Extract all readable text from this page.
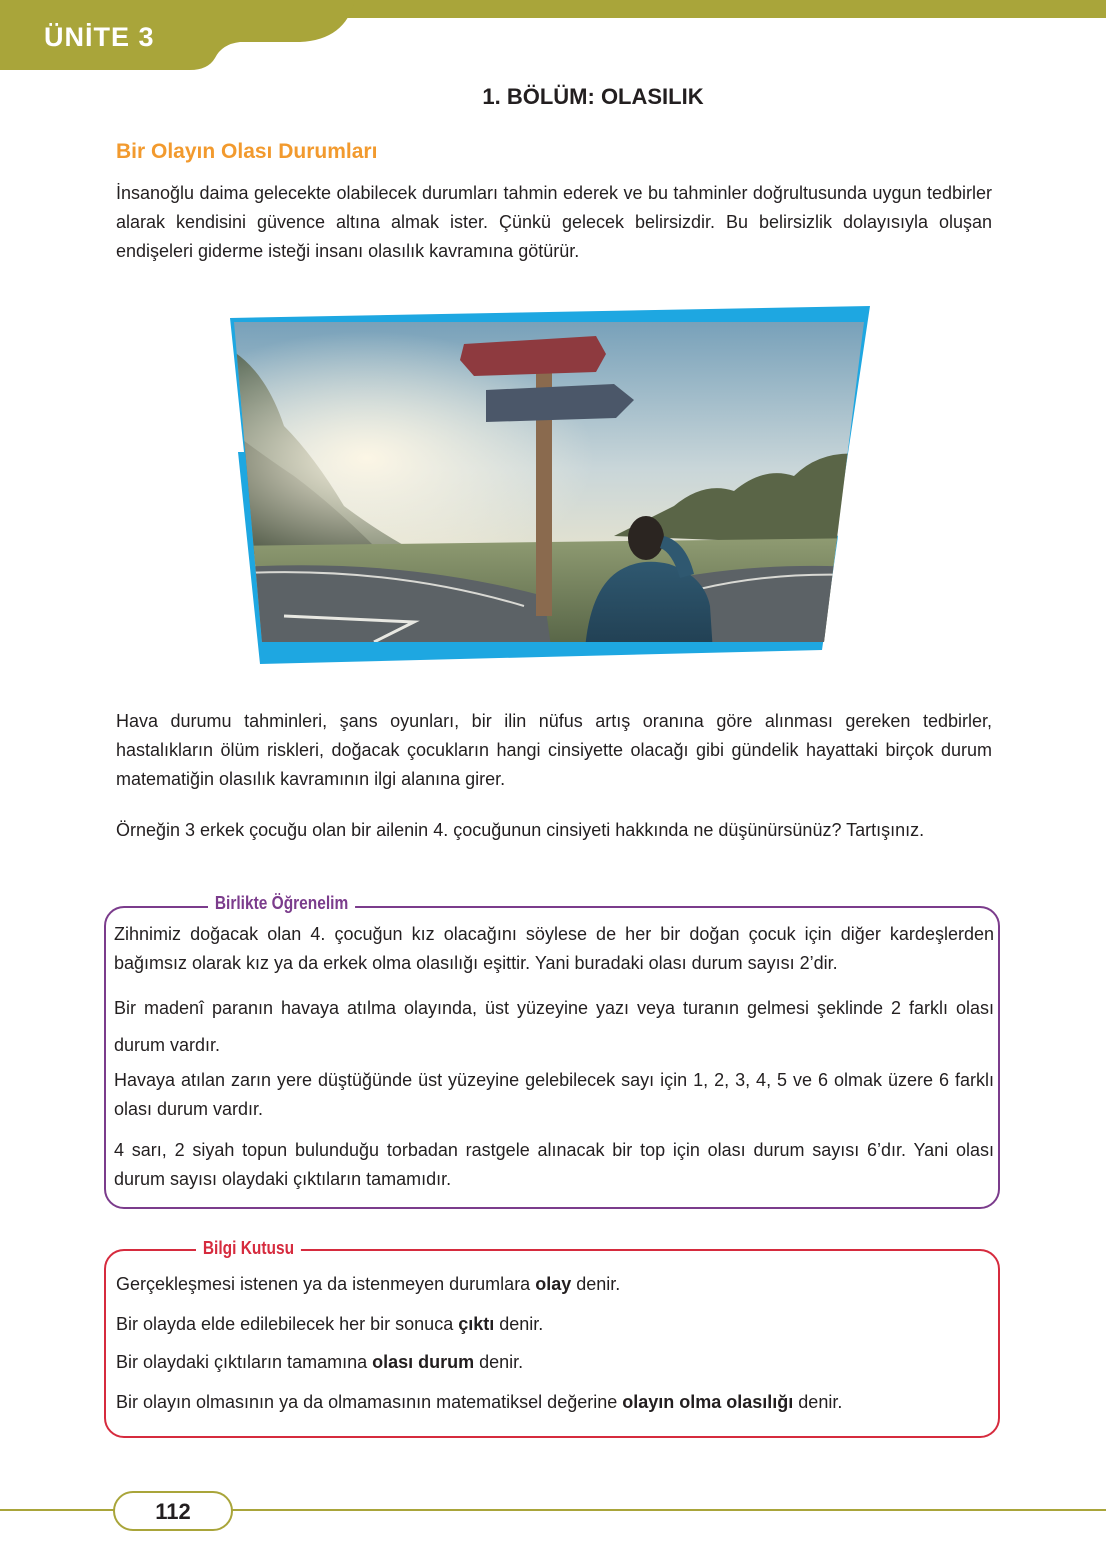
ÜNİTE 3
1. BÖLÜM: OLASILIK
Bir Olayın Olası Durumları
İnsanoğlu daima gelecekte olabilecek durumları tahmin ederek ve bu tahminler doğrultusunda uygun tedbirler alarak kendisini güvence altına almak ister. Çünkü gelecek belirsizdir. Bu belirsizlik dolayısıyla oluşan endişeleri giderme isteği insanı olasılık kavramına götürür.
Hava durumu tahminleri, şans oyunları, bir ilin nüfus artış oranına göre alınması gereken tedbirler, hastalıkların ölüm riskleri, doğacak çocukların hangi cinsiyette olacağı gibi gündelik hayattaki birçok durum matematiğin olasılık kavramının ilgi alanına girer.
Örneğin 3 erkek çocuğu olan bir ailenin 4. çocuğunun cinsiyeti hakkında ne düşünürsünüz? Tartışınız.
Birlikte Öğrenelim
Zihnimiz doğacak olan 4. çocuğun kız olacağını söylese de her bir doğan çocuk için diğer kardeşlerden bağımsız olarak kız ya da erkek olma olasılığı eşittir. Yani buradaki olası durum sayısı 2’dir.
Bir madenî paranın havaya atılma olayında, üst yüzeyine yazı veya turanın gelmesi şeklinde 2 farklı olası durum vardır.
Havaya atılan zarın yere düştüğünde üst yüzeyine gelebilecek sayı için 1, 2, 3, 4, 5 ve 6 olmak üzere 6 farklı olası durum vardır.
4 sarı, 2 siyah topun bulunduğu torbadan rastgele alınacak bir top için olası durum sayısı 6’dır. Yani olası durum sayısı olaydaki çıktıların tamamıdır.
Bilgi Kutusu
Gerçekleşmesi istenen ya da istenmeyen durumlara olay denir.
Bir olayda elde edilebilecek her bir sonuca çıktı denir.
Bir olaydaki çıktıların tamamına olası durum denir.
Bir olayın olmasının ya da olmamasının matematiksel değerine olayın olma olasılığı denir.
112
